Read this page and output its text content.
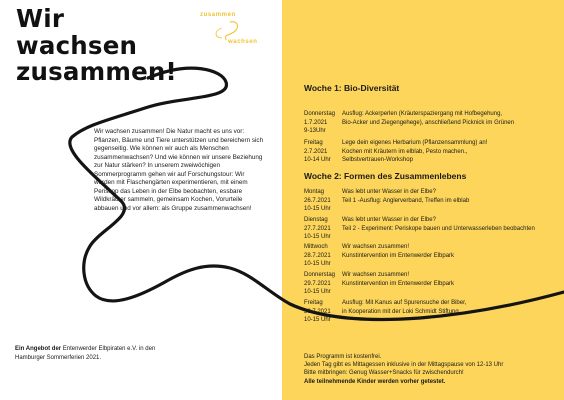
Wir
wachsen
zusammen!
zusammen
wachsen
Wir wachsen zusammen! Die Natur macht es uns vor: Pflanzen, Bäume und Tiere unterstützen und bereichern sich gegenseitig. Wie können wir auch als Menschen zusammenwachsen? Und wie können wir unsere Beziehung zur Natur stärken? In unserem zweiwöchigen Sommerprogramm gehen wir auf Forschungstour: Wir werden mit Flaschengärten experimentieren, mit einem Periskop das Leben in der Elbe beobachten, essbare Wildkräuter sammeln, gemeinsam Kochen, Vorurteile abbauen und vor allem: als Gruppe zusammenwachsen!
Ein Angebot der Entenwerder Elbpiraten e.V. in den Hamburger Sommerferien 2021.
Woche 1: Bio-Diversität
Donnerstag
1.7.2021
9-13Uhr
Ausflug: Ackerperlen (Kräuterspaziergang mit Hofbegehung,
Bio-Acker und Ziegengehege), anschließend Picknick im Grünen
Freitag
2.7.2021
10-14 Uhr
Lege dein eigenes Herbarium (Pflanzensammlung) an!
Kochen mit Kräutern im elblab, Pesto machen.,
Selbstvertrauen-Workshop
Woche 2: Formen des Zusammenlebens
Montag
26.7.2021
10-15 Uhr
Was lebt unter Wasser in der Elbe?
Teil 1 -Ausflug: Anglerverband, Treffen im elblab
Dienstag
27.7.2021
10-15 Uhr
Was lebt unter Wasser in der Elbe?
Teil 2 - Experiment: Periskope bauen und Unterwasserleben beobachten
Mittwoch
28.7.2021
10-15 Uhr
Wir wachsen zusammen!
Kunstintervention im Entenwerder Elbpark
Donnerstag
29.7.2021
10-15 Uhr
Wir wachsen zusammen!
Kunstintervention im Entenwerder Elbpark
Freitag
30.7.2021
10-15 Uhr
Ausflug: Mit Kanus auf Spurensuche der Biber,
in Kooperation mit der Loki Schmidt Stiftung
Das Programm ist kostenfrei.
Jeden Tag gibt es Mittagessen inklusive in der Mittagspause von 12-13 Uhr
Bitte mitbringen: Genug Wasser+Snacks für zwischendurch!
Alle teilnehmende Kinder werden vorher getestet.
